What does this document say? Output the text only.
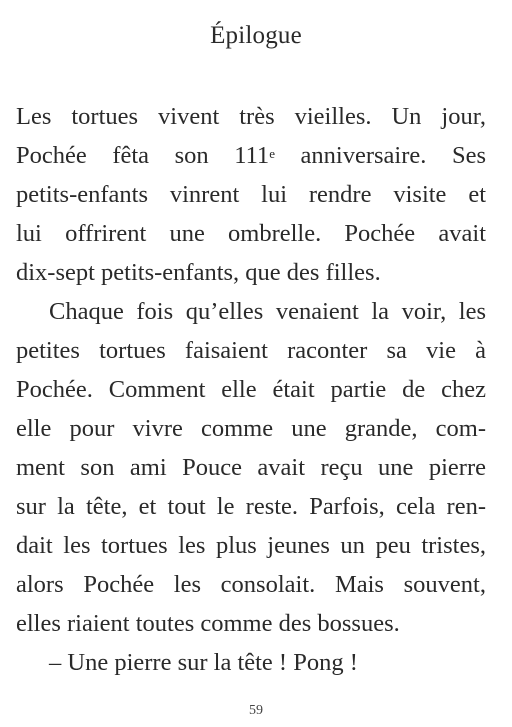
Épilogue
Les tortues vivent très vieilles. Un jour,
Pochée fêta son 111e anniversaire. Ses
petits-enfants vinrent lui rendre visite et
lui offrirent une ombrelle. Pochée avait
dix-sept petits-enfants, que des filles.
Chaque fois qu’elles venaient la voir, les
petites tortues faisaient raconter sa vie à
Pochée. Comment elle était partie de chez
elle pour vivre comme une grande, com-
ment son ami Pouce avait reçu une pierre
sur la tête, et tout le reste. Parfois, cela ren-
dait les tortues les plus jeunes un peu tristes,
alors Pochée les consolait. Mais souvent,
elles riaient toutes comme des bossues.
– Une pierre sur la tête ! Pong !
59
